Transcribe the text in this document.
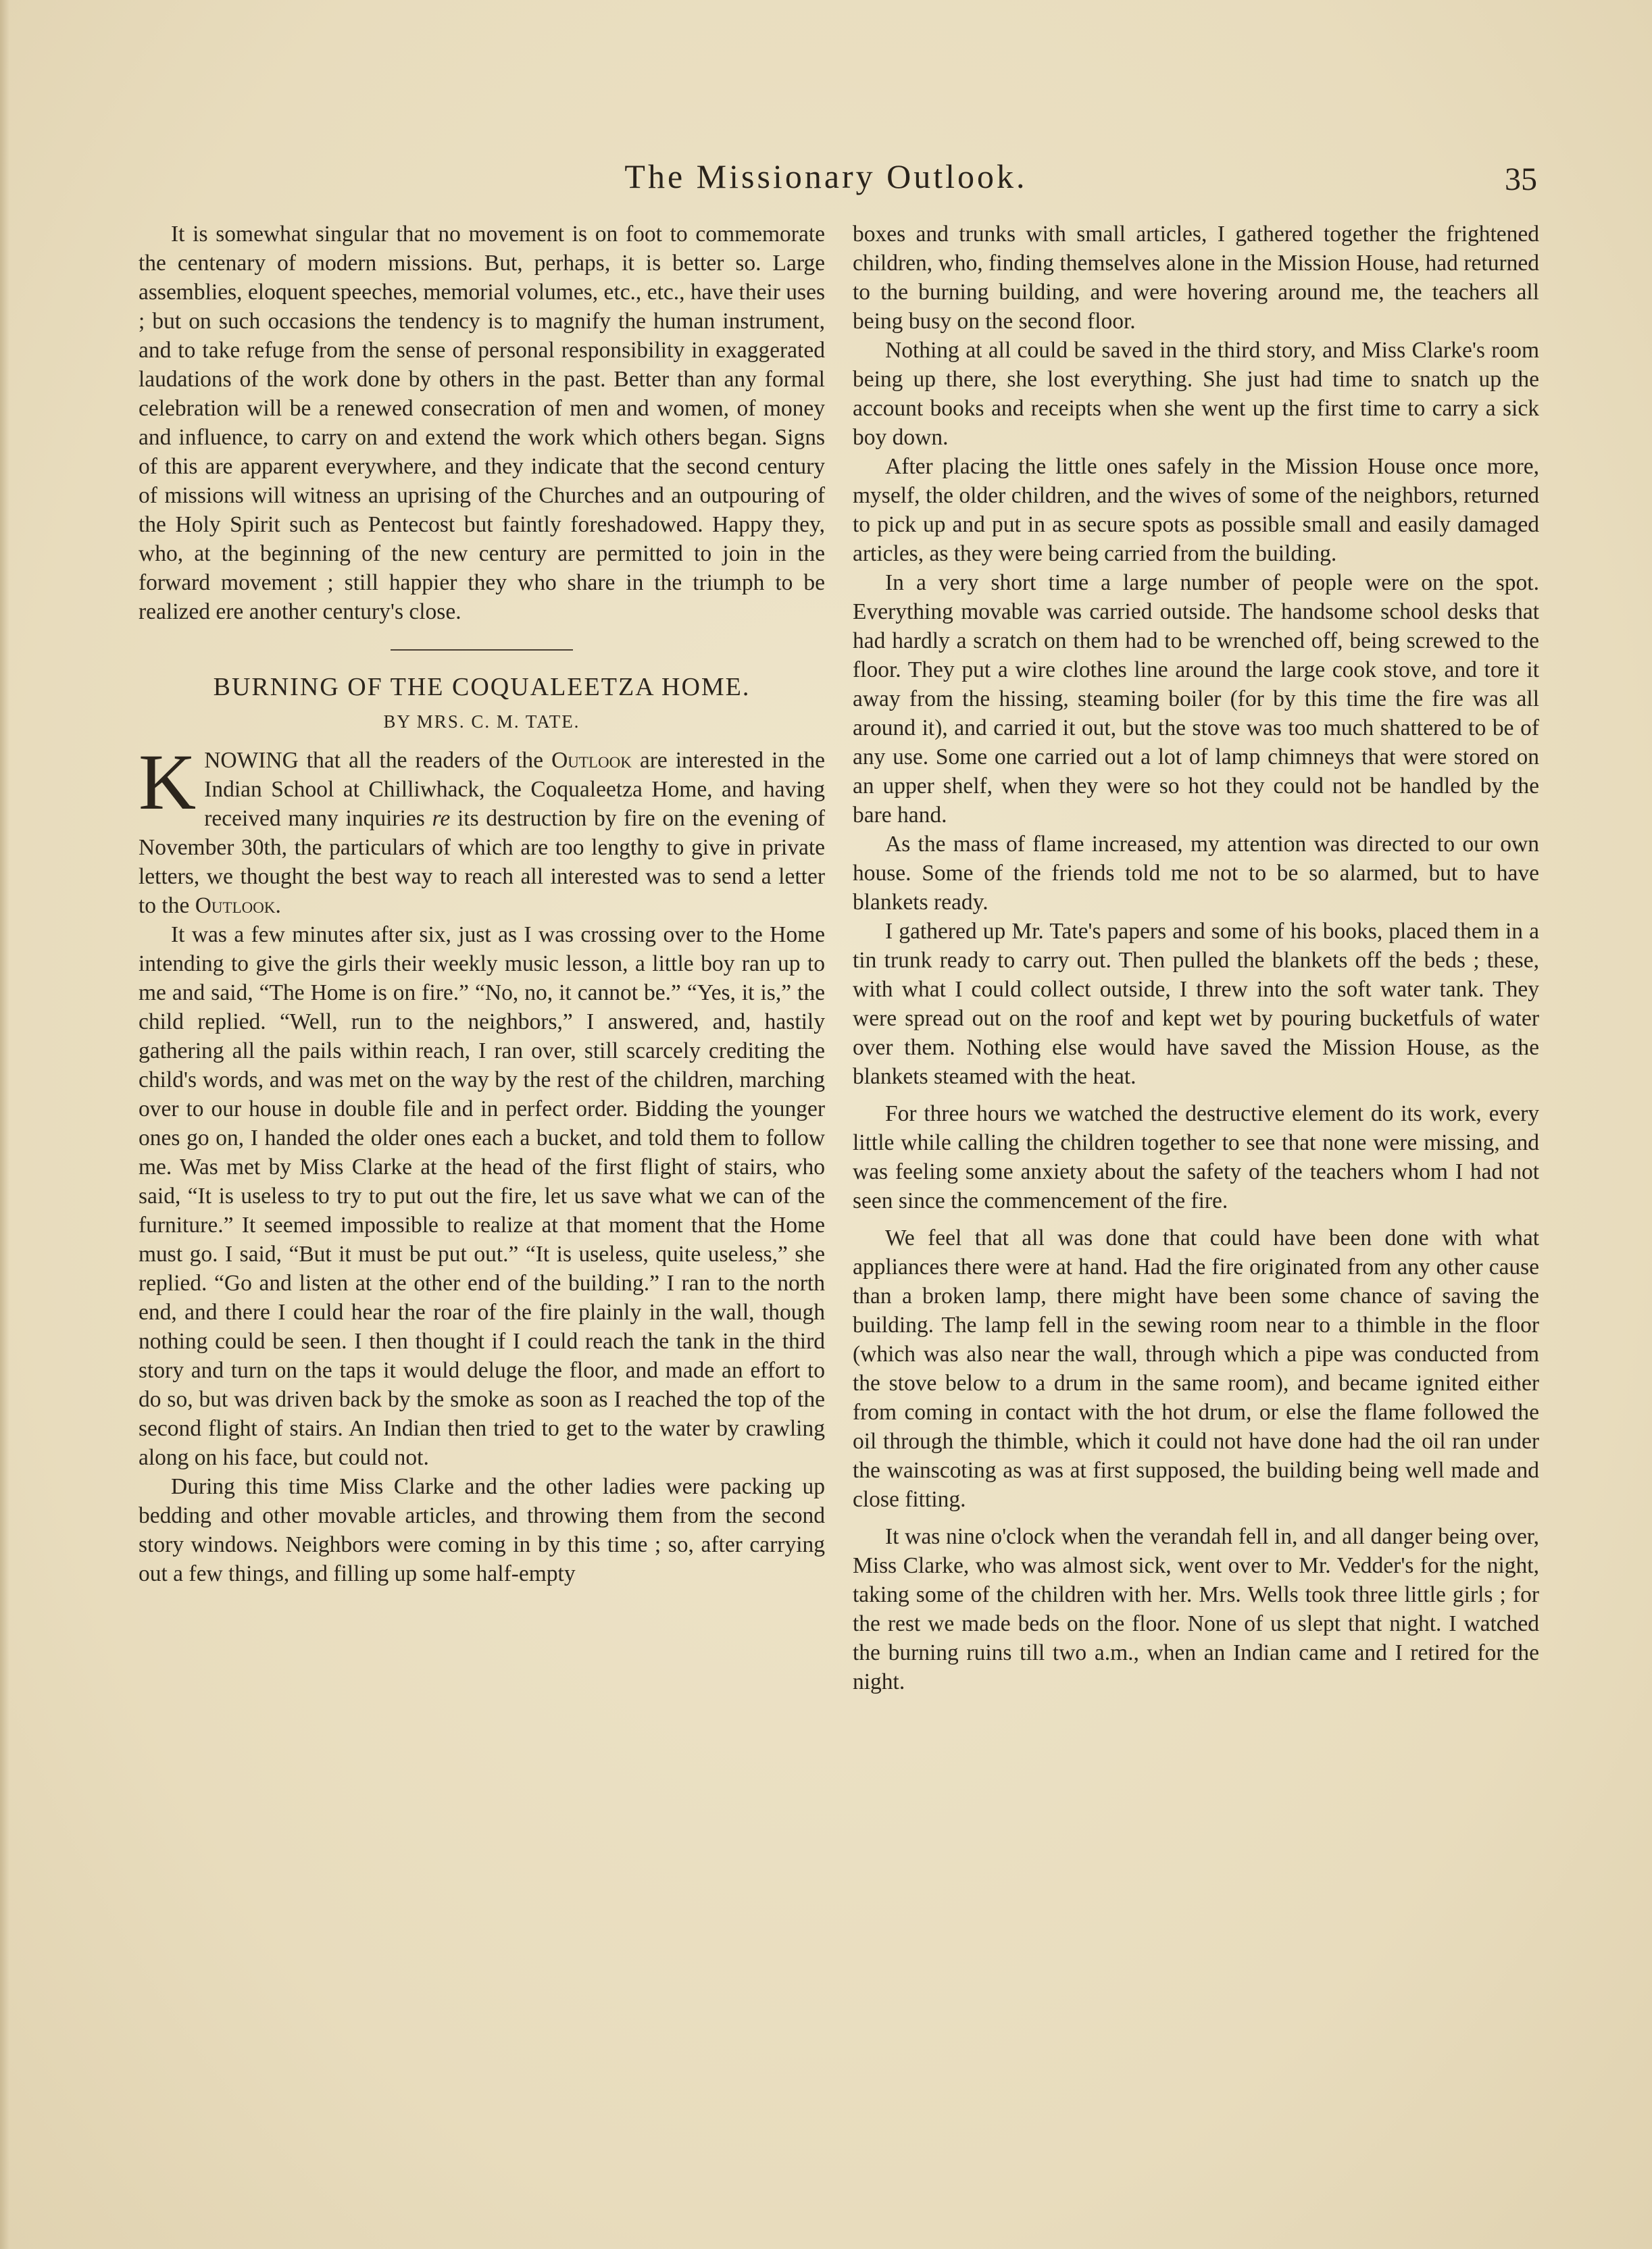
The Missionary Outlook.	35

It is somewhat singular that no movement is on foot to commemorate the centenary of modern missions. But, perhaps, it is better so. Large assemblies, eloquent speeches, memorial volumes, etc., etc., have their uses ; but on such occasions the tendency is to magnify the human instrument, and to take refuge from the sense of personal responsibility in exaggerated laudations of the work done by others in the past. Better than any formal celebration will be a renewed consecration of men and women, of money and influence, to carry on and extend the work which others began. Signs of this are apparent everywhere, and they indicate that the second century of missions will witness an uprising of the Churches and an outpouring of the Holy Spirit such as Pentecost but faintly foreshadowed. Happy they, who, at the beginning of the new century are permitted to join in the forward movement ; still happier they who share in the triumph to be realized ere another century's close.

BURNING OF THE COQUALEETZA HOME.
BY MRS. C. M. TATE.

KNOWING that all the readers of the Outlook are interested in the Indian School at Chilliwhack, the Coqualeetza Home, and having received many inquiries re its destruction by fire on the evening of November 30th, the particulars of which are too lengthy to give in private letters, we thought the best way to reach all interested was to send a letter to the Outlook.

It was a few minutes after six, just as I was crossing over to the Home intending to give the girls their weekly music lesson, a little boy ran up to me and said, “The Home is on fire.” “No, no, it cannot be.” “Yes, it is,” the child replied. “Well, run to the neighbors,” I answered, and, hastily gathering all the pails within reach, I ran over, still scarcely crediting the child's words, and was met on the way by the rest of the children, marching over to our house in double file and in perfect order. Bidding the younger ones go on, I handed the older ones each a bucket, and told them to follow me. Was met by Miss Clarke at the head of the first flight of stairs, who said, “It is useless to try to put out the fire, let us save what we can of the furniture.” It seemed impossible to realize at that moment that the Home must go. I said, “But it must be put out.” “It is useless, quite useless,” she replied. “Go and listen at the other end of the building.” I ran to the north end, and there I could hear the roar of the fire plainly in the wall, though nothing could be seen. I then thought if I could reach the tank in the third story and turn on the taps it would deluge the floor, and made an effort to do so, but was driven back by the smoke as soon as I reached the top of the second flight of stairs. An Indian then tried to get to the water by crawling along on his face, but could not.

During this time Miss Clarke and the other ladies were packing up bedding and other movable articles, and throwing them from the second story windows. Neighbors were coming in by this time ; so, after carrying out a few things, and filling up some half-empty

boxes and trunks with small articles, I gathered together the frightened children, who, finding themselves alone in the Mission House, had returned to the burning building, and were hovering around me, the teachers all being busy on the second floor.

Nothing at all could be saved in the third story, and Miss Clarke's room being up there, she lost everything. She just had time to snatch up the account books and receipts when she went up the first time to carry a sick boy down.

After placing the little ones safely in the Mission House once more, myself, the older children, and the wives of some of the neighbors, returned to pick up and put in as secure spots as possible small and easily damaged articles, as they were being carried from the building.

In a very short time a large number of people were on the spot. Everything movable was carried outside. The handsome school desks that had hardly a scratch on them had to be wrenched off, being screwed to the floor. They put a wire clothes line around the large cook stove, and tore it away from the hissing, steaming boiler (for by this time the fire was all around it), and carried it out, but the stove was too much shattered to be of any use. Some one carried out a lot of lamp chimneys that were stored on an upper shelf, when they were so hot they could not be handled by the bare hand.

As the mass of flame increased, my attention was directed to our own house. Some of the friends told me not to be so alarmed, but to have blankets ready.

I gathered up Mr. Tate's papers and some of his books, placed them in a tin trunk ready to carry out. Then pulled the blankets off the beds ; these, with what I could collect outside, I threw into the soft water tank. They were spread out on the roof and kept wet by pouring bucketfuls of water over them. Nothing else would have saved the Mission House, as the blankets steamed with the heat.

For three hours we watched the destructive element do its work, every little while calling the children together to see that none were missing, and was feeling some anxiety about the safety of the teachers whom I had not seen since the commencement of the fire.

We feel that all was done that could have been done with what appliances there were at hand. Had the fire originated from any other cause than a broken lamp, there might have been some chance of saving the building. The lamp fell in the sewing room near to a thimble in the floor (which was also near the wall, through which a pipe was conducted from the stove below to a drum in the same room), and became ignited either from coming in contact with the hot drum, or else the flame followed the oil through the thimble, which it could not have done had the oil ran under the wainscoting as was at first supposed, the building being well made and close fitting.

It was nine o'clock when the verandah fell in, and all danger being over, Miss Clarke, who was almost sick, went over to Mr. Vedder's for the night, taking some of the children with her. Mrs. Wells took three little girls ; for the rest we made beds on the floor. None of us slept that night. I watched the burning ruins till two a.m., when an Indian came and I retired for the night.
